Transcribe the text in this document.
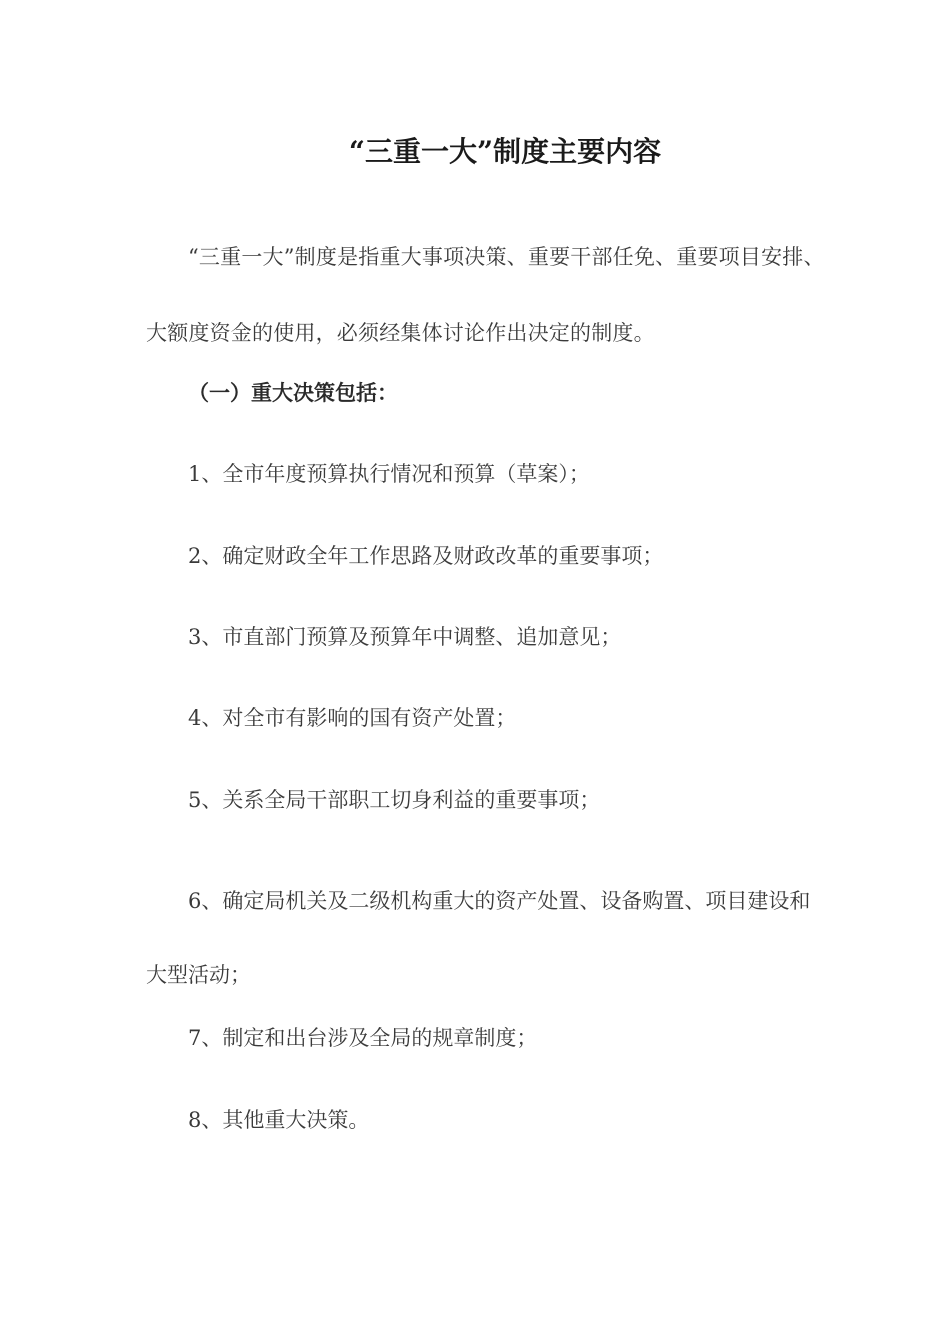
“三重一大”制度主要内容

“三重一大”制度是指重大事项决策、重要干部任免、重要项目安排、大额度资金的使用，必须经集体讨论作出决定的制度。

（一）重大决策包括：

1、全市年度预算执行情况和预算（草案）；

2、确定财政全年工作思路及财政改革的重要事项；

3、市直部门预算及预算年中调整、追加意见；

4、对全市有影响的国有资产处置；

5、关系全局干部职工切身利益的重要事项；

6、确定局机关及二级机构重大的资产处置、设备购置、项目建设和大型活动；

7、制定和出台涉及全局的规章制度；

8、其他重大决策。
